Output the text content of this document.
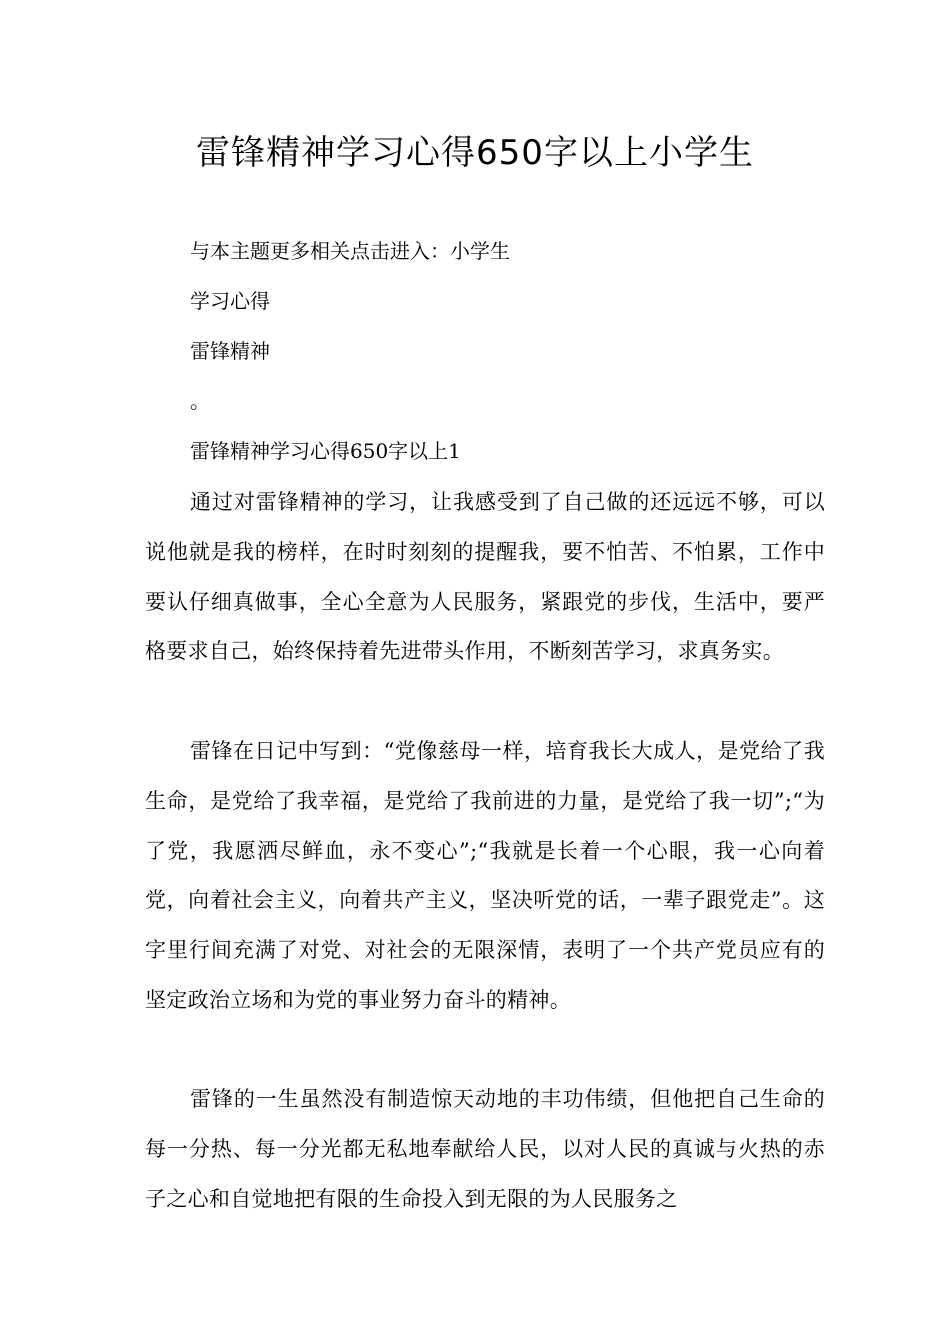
雷锋精神学习心得650字以上小学生

与本主题更多相关点击进入：小学生

学习心得

雷锋精神

。

雷锋精神学习心得650字以上1

通过对雷锋精神的学习，让我感受到了自己做的还远远不够，可以说他就是我的榜样，在时时刻刻的提醒我，要不怕苦、不怕累，工作中要认仔细真做事，全心全意为人民服务，紧跟党的步伐，生活中，要严格要求自己，始终保持着先进带头作用，不断刻苦学习，求真务实。

雷锋在日记中写到：“党像慈母一样，培育我长大成人，是党给了我生命，是党给了我幸福，是党给了我前进的力量，是党给了我一切”;“为了党，我愿洒尽鲜血，永不变心”;“我就是长着一个心眼，我一心向着党，向着社会主义，向着共产主义，坚决听党的话，一辈子跟党走”。这字里行间充满了对党、对社会的无限深情，表明了一个共产党员应有的坚定政治立场和为党的事业努力奋斗的精神。

雷锋的一生虽然没有制造惊天动地的丰功伟绩，但他把自己生命的每一分热、每一分光都无私地奉献给人民，以对人民的真诚与火热的赤子之心和自觉地把有限的生命投入到无限的为人民服务之
